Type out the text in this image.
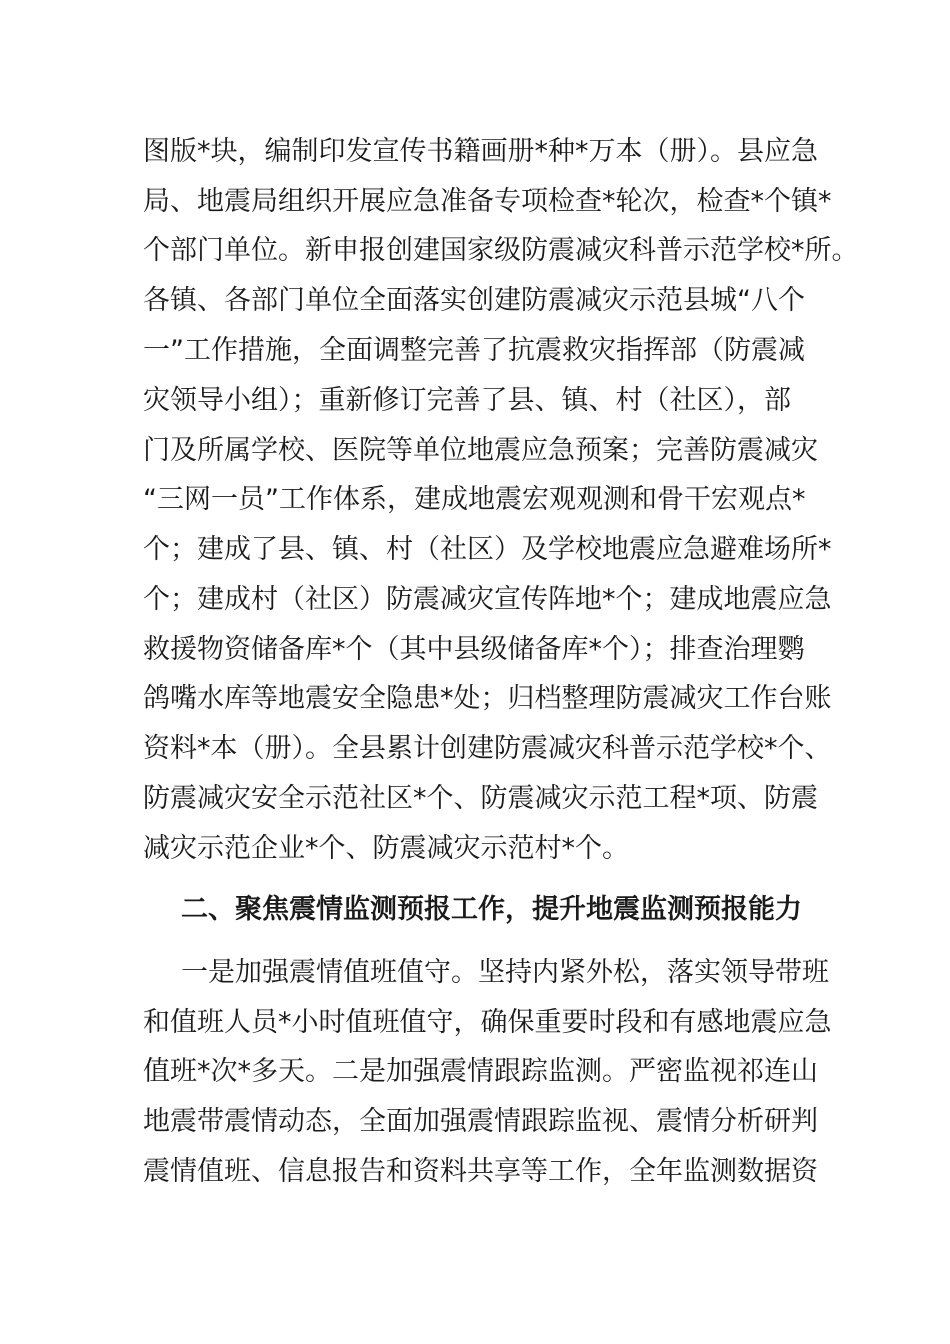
图版*块，编制印发宣传书籍画册*种*万本（册）。县应急
局、地震局组织开展应急准备专项检查*轮次，检查*个镇*
个部门单位。新申报创建国家级防震减灾科普示范学校*所。
各镇、各部门单位全面落实创建防震减灾示范县城“八个
一”工作措施，全面调整完善了抗震救灾指挥部（防震减
灾领导小组）；重新修订完善了县、镇、村（社区），部
门及所属学校、医院等单位地震应急预案；完善防震减灾
“三网一员”工作体系，建成地震宏观观测和骨干宏观点*
个；建成了县、镇、村（社区）及学校地震应急避难场所*
个；建成村（社区）防震减灾宣传阵地*个；建成地震应急
救援物资储备库*个（其中县级储备库*个）；排查治理鹦
鸽嘴水库等地震安全隐患*处；归档整理防震减灾工作台账
资料*本（册）。全县累计创建防震减灾科普示范学校*个、
防震减灾安全示范社区*个、防震减灾示范工程*项、防震
减灾示范企业*个、防震减灾示范村*个。
二、聚焦震情监测预报工作，提升地震监测预报能力
一是加强震情值班值守。坚持内紧外松，落实领导带班
和值班人员*小时值班值守，确保重要时段和有感地震应急
值班*次*多天。二是加强震情跟踪监测。严密监视祁连山
地震带震情动态，全面加强震情跟踪监视、震情分析研判
震情值班、信息报告和资料共享等工作，全年监测数据资
